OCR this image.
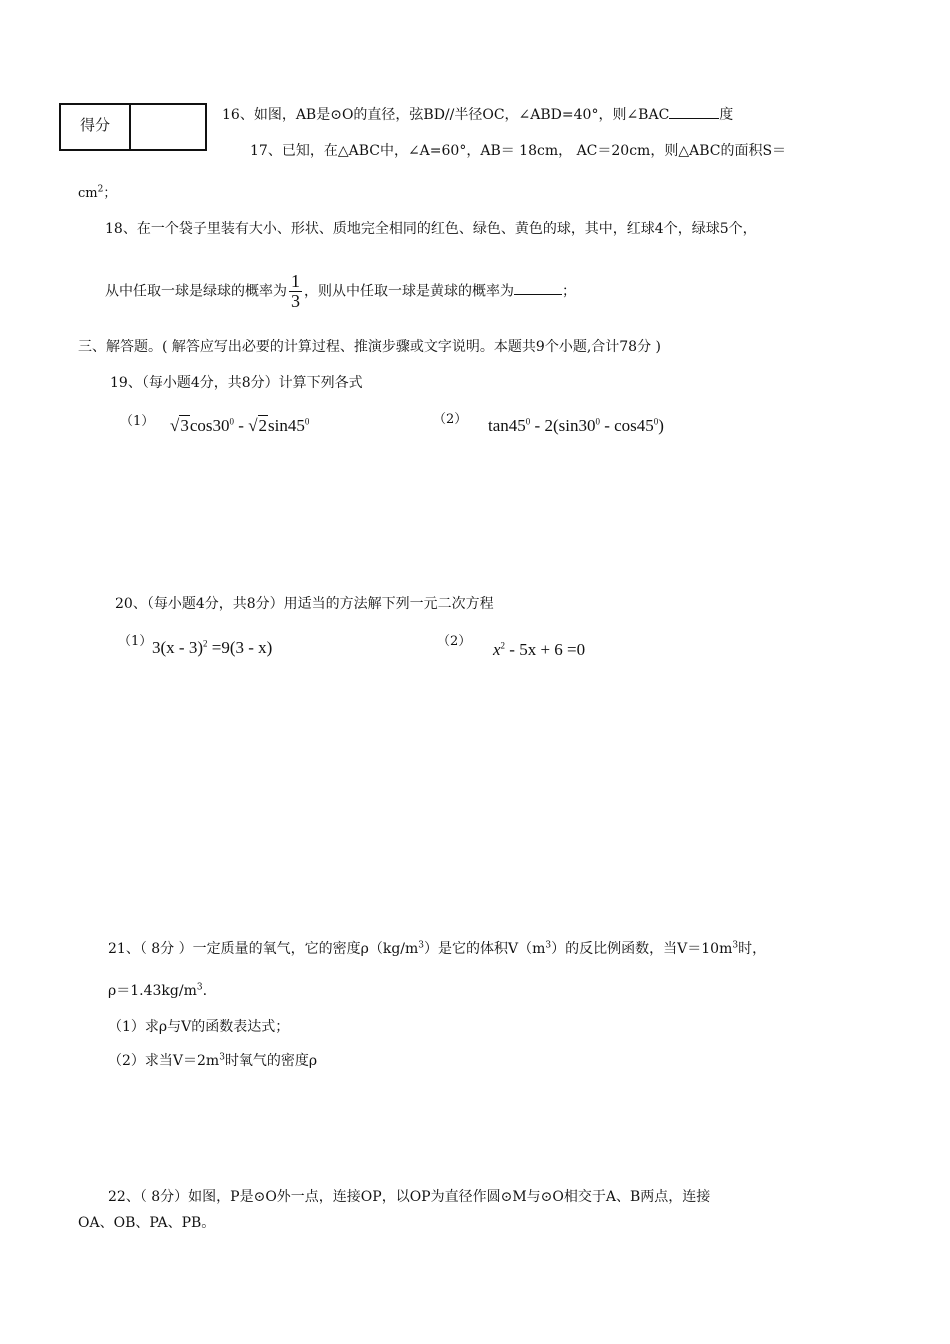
得分
16、如图，AB是⊙O的直径，弦BD//半径OC，∠ABD=40°，则∠BAC	度
17、已知，在△ABC中，∠A=60°，AB＝ 18cm， AC＝20cm，则△ABC的面积S＝
$cm^2$；
18、在一个袋子里装有大小、形状、质地完全相同的红色、绿色、黄色的球，其中，红球4个，绿球5个，
从中任取一球是绿球的概率为 $\frac{1}{3}$ ，则从中任取一球是黄球的概率为	；
三、解答题。( 解答应写出必要的计算过程、推演步骤或文字说明。本题共9个小题,合计78分 )
19、（每小题4分，共8分）计算下列各式
（1） $√3\cos 30^0 - √2\sin 45^0$	（2） $\tan 45^0 - 2(\sin 30^0 - \cos 45^0)$
20、（每小题4分，共8分）用适当的方法解下列一元二次方程
（1） 3(x - 3)$^2$ =9(3 - x)	（2） $x^2 - 5x + 6 =0$
21、（ 8分 ）一定质量的氧气，它的密度$\rho(kg/m^3)$是它的体积$V(m^3)$的反比例函数，当$V=10m^3$时，
$\rho=1.43kg/m^3$.
（1）求ρ与V的函数表达式；
（2）求当$V=2m^3$时氧气的密度ρ
22、（ 8分）如图，P是⊙O外一点，连接OP，以OP为直径作圆⊙M与⊙O相交于A、B两点，连接
OA、OB、PA、PB。
